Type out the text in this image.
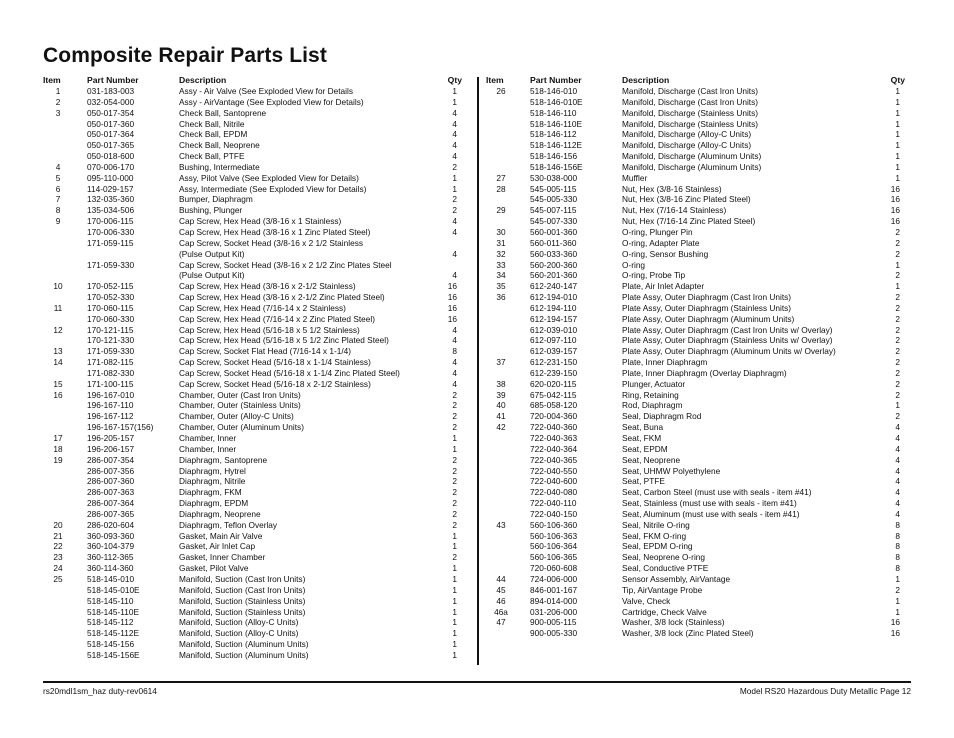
Composite Repair Parts List
Item	Part Number	Description	Qty
1	031-183-003	Assy - Air Valve (See Exploded View for Details	1
2	032-054-000	Assy - AirVantage (See Exploded View for Details)	1
3	050-017-354	Check Ball, Santoprene	4
050-017-360	Check Ball, Nitrile	4
050-017-364	Check Ball, EPDM	4
050-017-365	Check Ball, Neoprene	4
050-018-600	Check Ball, PTFE	4
4	070-006-170	Bushing, Intermediate	2
5	095-110-000	Assy, Pilot Valve (See Exploded View for Details)	1
6	114-029-157	Assy, Intermediate (See Exploded View for Details)	1
7	132-035-360	Bumper, Diaphragm	2
8	135-034-506	Bushing, Plunger	2
9	170-006-115	Cap Screw, Hex Head (3/8-16 x 1 Stainless)	4
170-006-330	Cap Screw, Hex Head (3/8-16 x 1 Zinc Plated Steel)	4
171-059-115	Cap Screw, Socket Head (3/8-16 x 2 1/2 Stainless
(Pulse Output Kit)	4
171-059-330	Cap Screw, Socket Head (3/8-16 x 2 1/2 Zinc Plates Steel
(Pulse Output Kit)	4
10	170-052-115	Cap Screw, Hex Head (3/8-16 x 2-1/2 Stainless)	16
170-052-330	Cap Screw, Hex Head (3/8-16 x 2-1/2 Zinc Plated Steel)	16
11	170-060-115	Cap Screw, Hex Head (7/16-14 x 2 Stainless)	16
170-060-330	Cap Screw, Hex Head (7/16-14 x 2 Zinc Plated Steel)	16
12	170-121-115	Cap Screw, Hex Head (5/16-18 x 5 1/2 Stainless)	4
170-121-330	Cap Screw, Hex Head (5/16-18 x 5 1/2 Zinc Plated Steel)	4
13	171-059-330	Cap Screw, Socket Flat Head (7/16-14 x 1-1/4)	8
14	171-082-115	Cap Screw, Socket Head (5/16-18 x 1-1/4 Stainless)	4
171-082-330	Cap Screw, Socket Head (5/16-18 x 1-1/4 Zinc Plated Steel)	4
15	171-100-115	Cap Screw, Socket Head (5/16-18 x 2-1/2 Stainless)	4
16	196-167-010	Chamber, Outer (Cast Iron Units)	2
196-167-110	Chamber, Outer (Stainless Units)	2
196-167-112	Chamber, Outer (Alloy-C Units)	2
196-167-157(156)	Chamber, Outer (Aluminum Units)	2
17	196-205-157	Chamber, Inner	1
18	196-206-157	Chamber, Inner	1
19	286-007-354	Diaphragm, Santoprene	2
286-007-356	Diaphragm, Hytrel	2
286-007-360	Diaphragm, Nitrile	2
286-007-363	Diaphragm, FKM	2
286-007-364	Diaphragm, EPDM	2
286-007-365	Diaphragm, Neoprene	2
20	286-020-604	Diaphragm, Teflon Overlay	2
21	360-093-360	Gasket, Main Air Valve	1
22	360-104-379	Gasket, Air Inlet Cap	1
23	360-112-365	Gasket, Inner Chamber	2
24	360-114-360	Gasket, Pilot Valve	1
25	518-145-010	Manifold, Suction (Cast Iron Units)	1
518-145-010E	Manifold, Suction (Cast Iron Units)	1
518-145-110	Manifold, Suction (Stainless Units)	1
518-145-110E	Manifold, Suction (Stainless Units)	1
518-145-112	Manifold, Suction (Alloy-C Units)	1
518-145-112E	Manifold, Suction (Alloy-C Units)	1
518-145-156	Manifold, Suction (Aluminum Units)	1
518-145-156E	Manifold, Suction (Aluminum Units)	1
Item	Part Number	Description	Qty
26	518-146-010	Manifold, Discharge (Cast Iron Units)	1
518-146-010E	Manifold, Discharge (Cast Iron Units)	1
518-146-110	Manifold, Discharge (Stainless Units)	1
518-146-110E	Manifold, Discharge (Stainless Units)	1
518-146-112	Manifold, Discharge (Alloy-C Units)	1
518-146-112E	Manifold, Discharge (Alloy-C Units)	1
518-146-156	Manifold, Discharge (Aluminum Units)	1
518-146-156E	Manifold, Discharge (Aluminum Units)	1
27	530-038-000	Muffler	1
28	545-005-115	Nut, Hex (3/8-16 Stainless)	16
545-005-330	Nut, Hex (3/8-16 Zinc Plated Steel)	16
29	545-007-115	Nut, Hex (7/16-14 Stainless)	16
545-007-330	Nut, Hex (7/16-14 Zinc Plated Steel)	16
30	560-001-360	O-ring, Plunger Pin	2
31	560-011-360	O-ring, Adapter Plate	2
32	560-033-360	O-ring, Sensor Bushing	2
33	560-200-360	O-ring	1
34	560-201-360	O-ring, Probe Tip	2
35	612-240-147	Plate, Air Inlet Adapter	1
36	612-194-010	Plate Assy, Outer Diaphragm (Cast Iron Units)	2
612-194-110	Plate Assy, Outer Diaphragm (Stainless Units)	2
612-194-157	Plate Assy, Outer Diaphragm (Aluminum Units)	2
612-039-010	Plate Assy, Outer Diaphragm (Cast Iron Units w/ Overlay)	2
612-097-110	Plate Assy, Outer Diaphragm (Stainless Units w/ Overlay)	2
612-039-157	Plate Assy, Outer Diaphragm (Aluminum Units w/ Overlay)	2
37	612-231-150	Plate, Inner Diaphragm	2
612-239-150	Plate, Inner Diaphragm (Overlay Diaphragm)	2
38	620-020-115	Plunger, Actuator	2
39	675-042-115	Ring, Retaining	2
40	685-058-120	Rod, Diaphragm	1
41	720-004-360	Seal, Diaphragm Rod	2
42	722-040-360	Seat, Buna	4
722-040-363	Seat, FKM	4
722-040-364	Seat, EPDM	4
722-040-365	Seat, Neoprene	4
722-040-550	Seat, UHMW Polyethylene	4
722-040-600	Seat, PTFE	4
722-040-080	Seat, Carbon Steel (must use with seals - item #41)	4
722-040-110	Seat, Stainless (must use with seals - item #41)	4
722-040-150	Seat, Aluminum (must use with seals - item #41)	4
43	560-106-360	Seal, Nitrile O-ring	8
560-106-363	Seal, FKM O-ring	8
560-106-364	Seal, EPDM O-ring	8
560-106-365	Seal, Neoprene O-ring	8
720-060-608	Seal, Conductive PTFE	8
44	724-006-000	Sensor Assembly, AirVantage	1
45	846-001-167	Tip, AirVantage Probe	2
46	894-014-000	Valve, Check	1
46a	031-206-000	Cartridge, Check Valve	1
47	900-005-115	Washer, 3/8 lock (Stainless)	16
900-005-330	Washer, 3/8 lock (Zinc Plated Steel)	16
rs20mdl1sm_haz duty-rev0614	Model RS20 Hazardous Duty Metallic Page 12
